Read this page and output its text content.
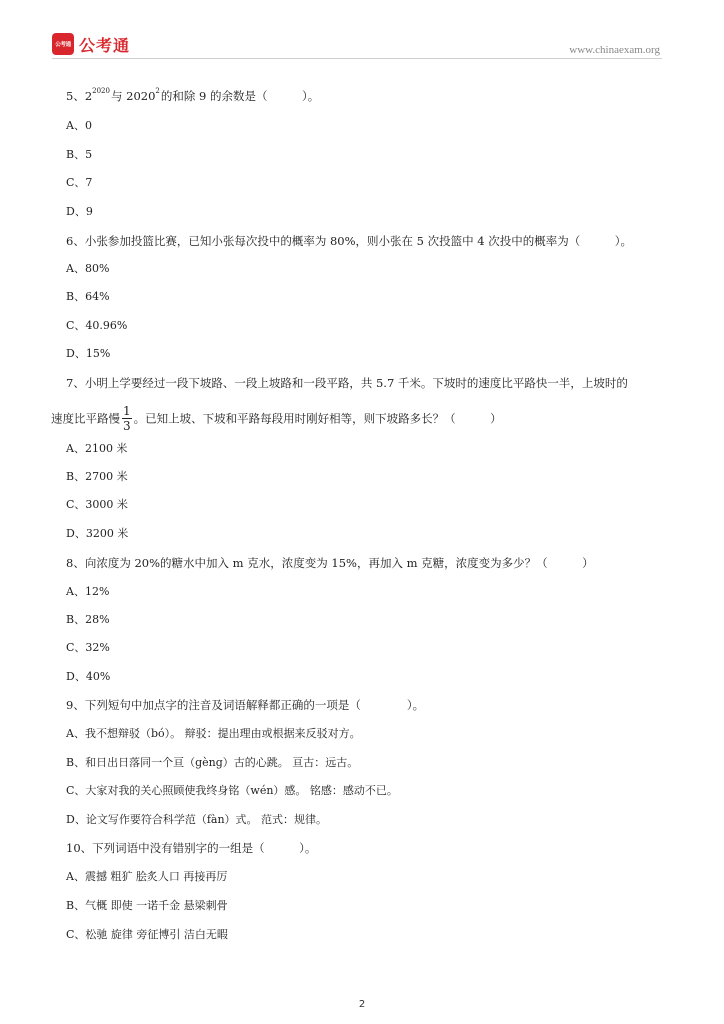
公考通 公考通	www.chinaexam.org
5、$2^{2020}$与 2020$^2$的和除 9 的余数是（　　　）。
A、0
B、5
C、7
D、9
6、小张参加投篮比赛，已知小张每次投中的概率为 80%，则小张在 5 次投篮中 4 次投中的概率为（　　　）。
A、80%
B、64%
C、40.96%
D、15%
7、小明上学要经过一段下坡路、一段上坡路和一段平路，共 5.7 千米。下坡时的速度比平路快一半，上坡时的
速度比平路慢 $\frac{1}{3}$ 。已知上坡、下坡和平路每段用时刚好相等，则下坡路多长？（　　　）
A、2100 米
B、2700 米
C、3000 米
D、3200 米
8、向浓度为 20%的糖水中加入 m 克水，浓度变为 15%，再加入 m 克糖，浓度变为多少？（　　　）
A、12%
B、28%
C、32%
D、40%
9、下列短句中加点字的注音及词语解释都正确的一项是（　　　　）。
A、我不想辩驳（bó）。 辩驳：提出理由或根据来反驳对方。
B、和日出日落同一个亘（gèng）古的心跳。 亘古：远古。
C、大家对我的关心照顾使我终身铭（wén）感。 铭感：感动不已。
D、论文写作要符合科学范（fàn）式。 范式：规律。
10、下列词语中没有错别字的一组是（　　　）。
A、震撼 粗犷 脍炙人口 再接再厉
B、气概 即使 一诺千金 悬梁刺骨
C、松驰 旋律 旁征博引 洁白无暇
2
